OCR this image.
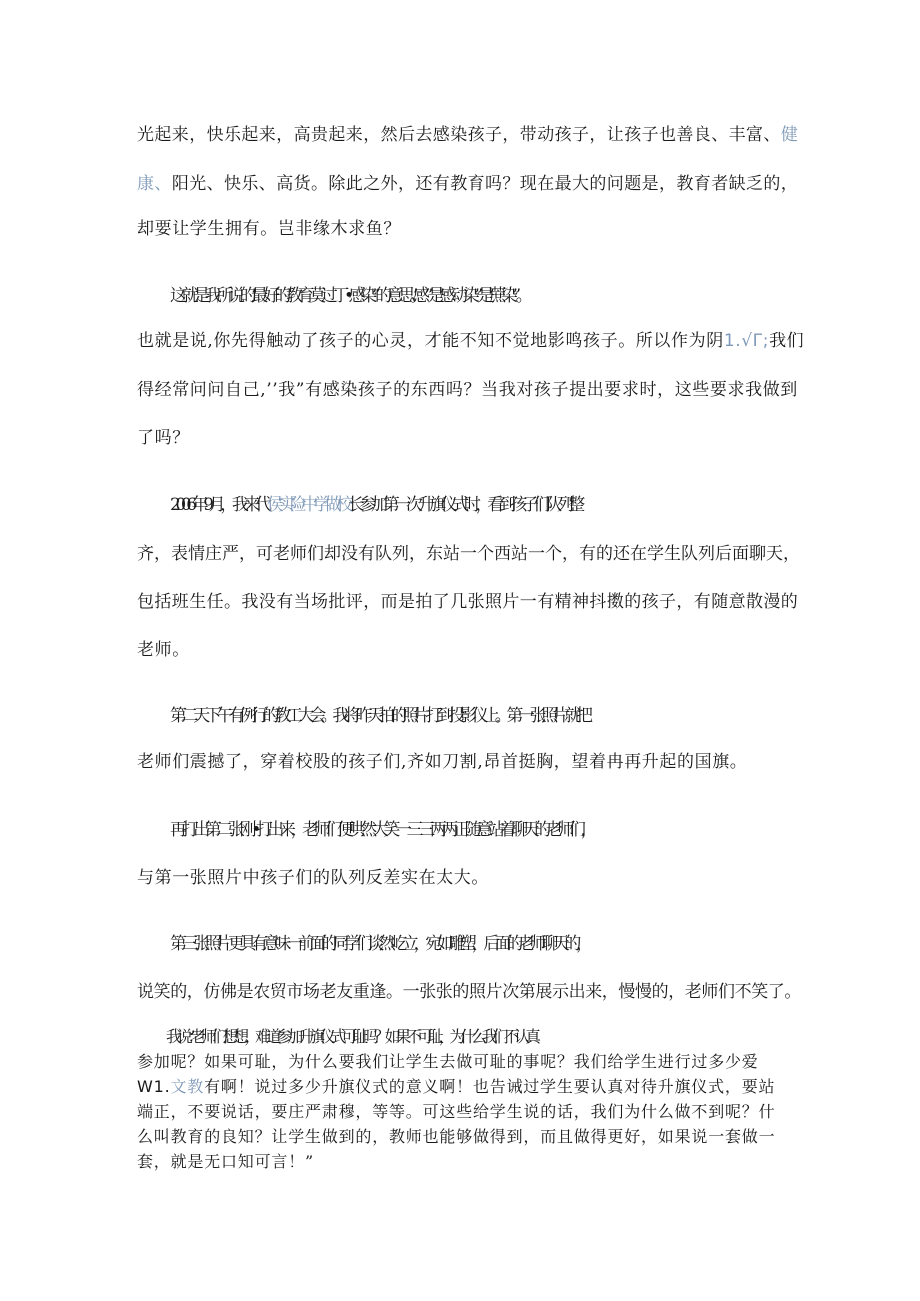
光起来，快乐起来，高贵起来，然后去感染孩子，带动孩子，让孩子也善良、丰富、健
康、阳光、快乐、高货。除此之外，还有教育吗？现在最大的问题是，教育者缺乏的，
却要让学生拥有。岂非缘木求鱼？
这就是我所说的’’最好的教育莫过丁•感染”的意思。’’感”是’’感动染”是’’蔗染”。
也就是说,你先得触动了孩子的心灵，才能不知不觉地影鸣孩子。所以作为阴1.√Γ;我们
得经常问问自己,’’我”有感染孩子的东西吗？当我对孩子提出要求时，这些要求我做到
了吗？
2006年9月，我来代侯实险中学做校长参加第一次升旗仪式时，看到孩子们队列整
齐，表情庄严，可老师们却没有队列，东站一个西站一个，有的还在学生队列后面聊天，
包括班生任。我没有当场批评，而是拍了几张照片一有精神抖擞的孩子，有随意散漫的
老师。
第二天下午有例行的教工大会。我将昨天拍的照片打到投影仪上。第一张照片就把
老师们震撼了，穿着校股的孩子们,齐如刀割,昂首挺胸，望着冉再升起的国旗。
再打出第二张刚•打出来，老师们便哄然大笑一三三两两正随意站着聊天的老师们，
与第一张照片中孩子们的队列反差实在太大。
第三张照片更具有意味一前面的同学们谈然屹立，宛如雕塑，后面的老师聊天的，
说笑的，仿佛是农贸市场老友重逢。一张张的照片次第展示出来，慢慢的，老师们不笑了。
我说：’’老师们想想，难道参加升旗仪式可耻吗？如果不可耻，为什么我们不认真
参加呢？如果可耻，为什么要我们让学生去做可耻的事呢？我们给学生进行过多少爱
W1.文教有啊！说过多少升旗仪式的意义啊！也告诫过学生要认真对待升旗仪式，要站
端正，不要说话，要庄严肃穆，等等。可这些给学生说的话，我们为什么做不到呢？什
么叫教育的良知？让学生做到的，教师也能够做得到，而且做得更好，如果说一套做一
套，就是无口知可言！”
